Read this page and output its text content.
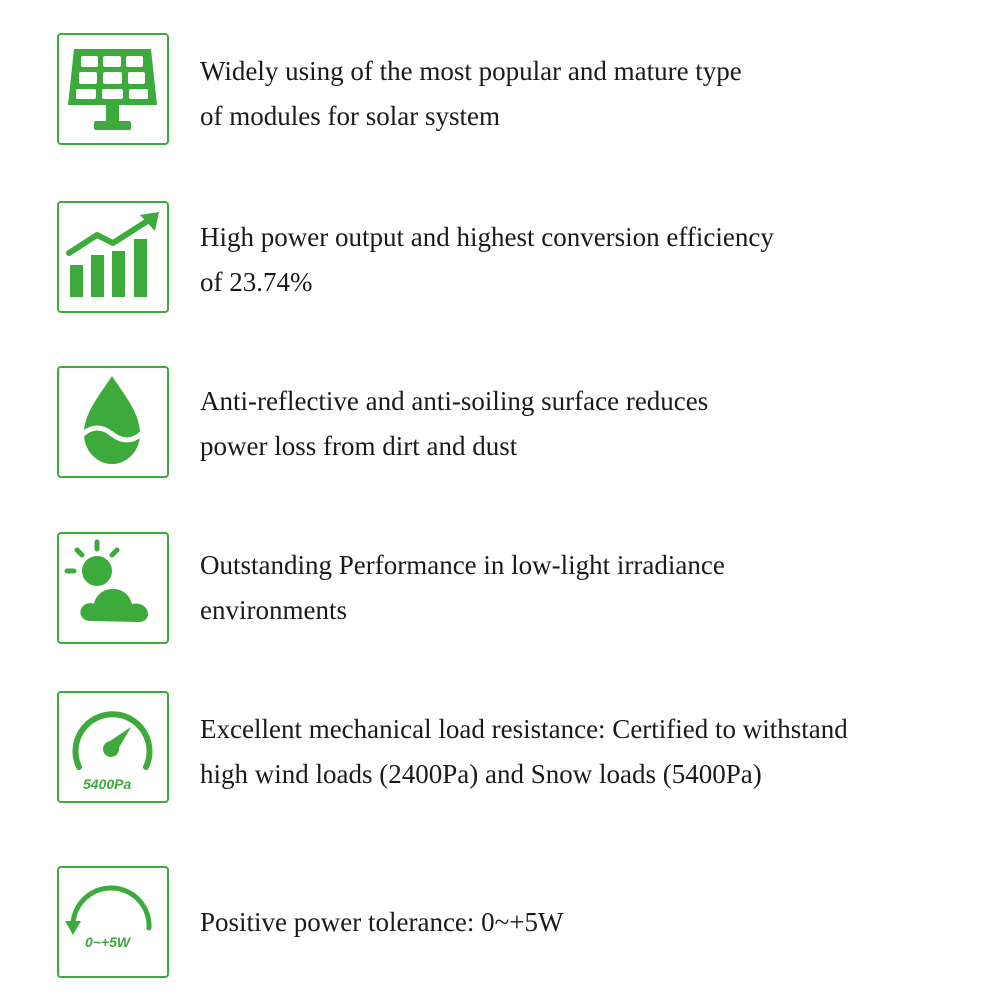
Widely using of the most popular and mature type
of modules for solar system
High power output and highest conversion efficiency
of 23.74%
Anti-reflective and anti-soiling surface reduces
power loss from dirt and dust
Outstanding Performance in low-light irradiance
environments
5400Pa
Excellent mechanical load resistance: Certified to withstand
high wind loads (2400Pa) and Snow loads (5400Pa)
0~+5W
Positive power tolerance: 0~+5W
